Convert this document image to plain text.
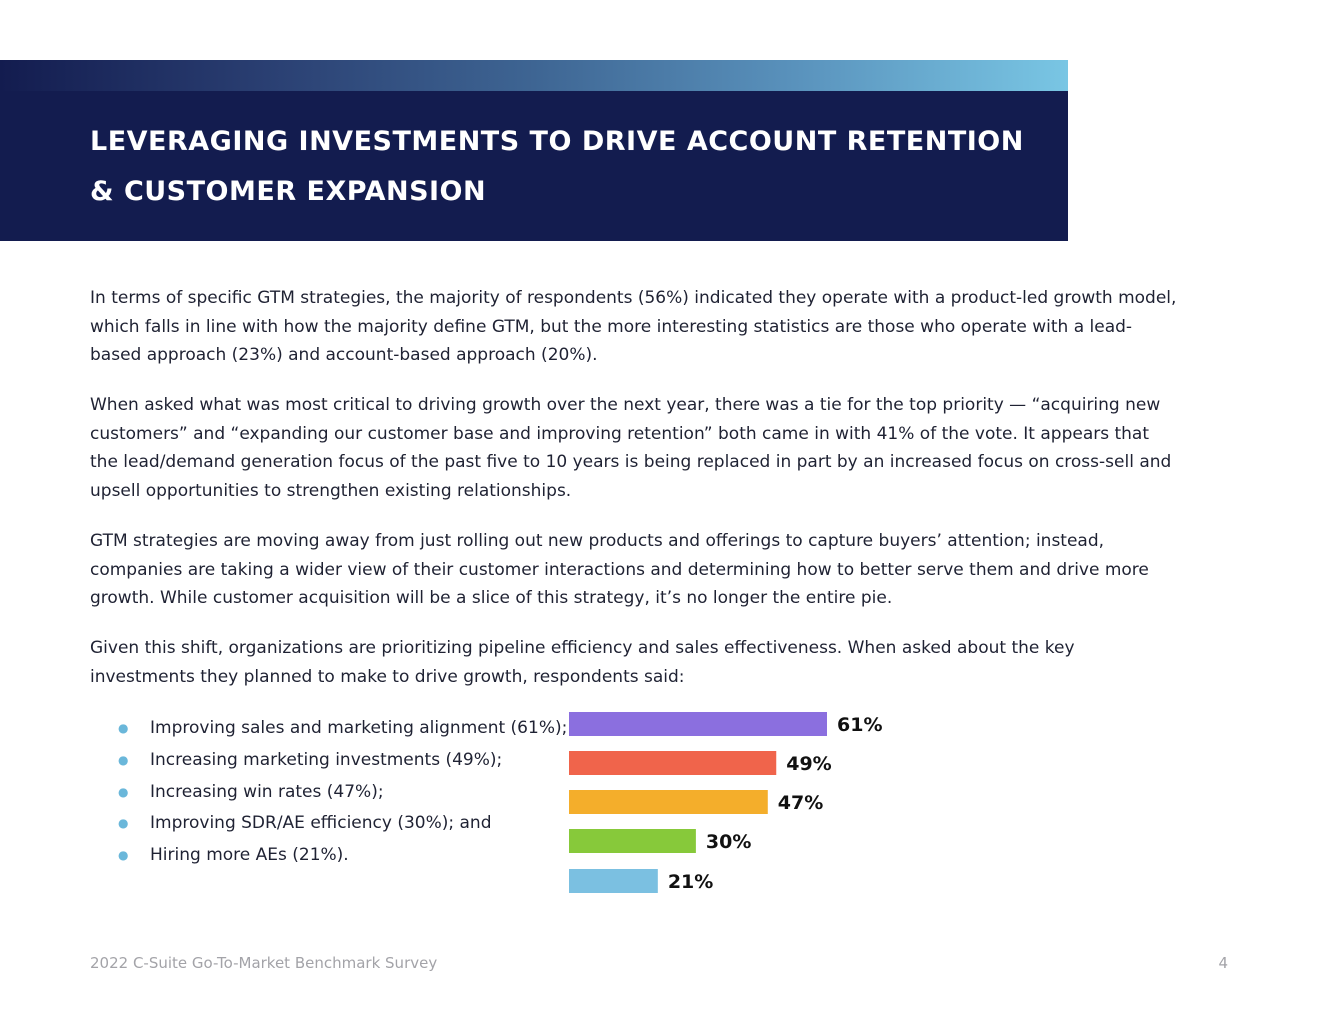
LEVERAGING INVESTMENTS TO DRIVE ACCOUNT RETENTION & CUSTOMER EXPANSION

In terms of specific GTM strategies, the majority of respondents (56%) indicated they operate with a product-led growth model, which falls in line with how the majority define GTM, but the more interesting statistics are those who operate with a lead-based approach (23%) and account-based approach (20%).

When asked what was most critical to driving growth over the next year, there was a tie for the top priority — “acquiring new customers” and “expanding our customer base and improving retention” both came in with 41% of the vote. It appears that the lead/demand generation focus of the past five to 10 years is being replaced in part by an increased focus on cross-sell and upsell opportunities to strengthen existing relationships.

GTM strategies are moving away from just rolling out new products and offerings to capture buyers’ attention; instead, companies are taking a wider view of their customer interactions and determining how to better serve them and drive more growth. While customer acquisition will be a slice of this strategy, it’s no longer the entire pie.

Given this shift, organizations are prioritizing pipeline efficiency and sales effectiveness. When asked about the key investments they planned to make to drive growth, respondents said:

● Improving sales and marketing alignment (61%);
● Increasing marketing investments (49%);
● Increasing win rates (47%);
● Improving SDR/AE efficiency (30%); and
● Hiring more AEs (21%).
61%
49%
47%
30%
21%
2022 C-Suite Go-To-Market Benchmark Survey	4
